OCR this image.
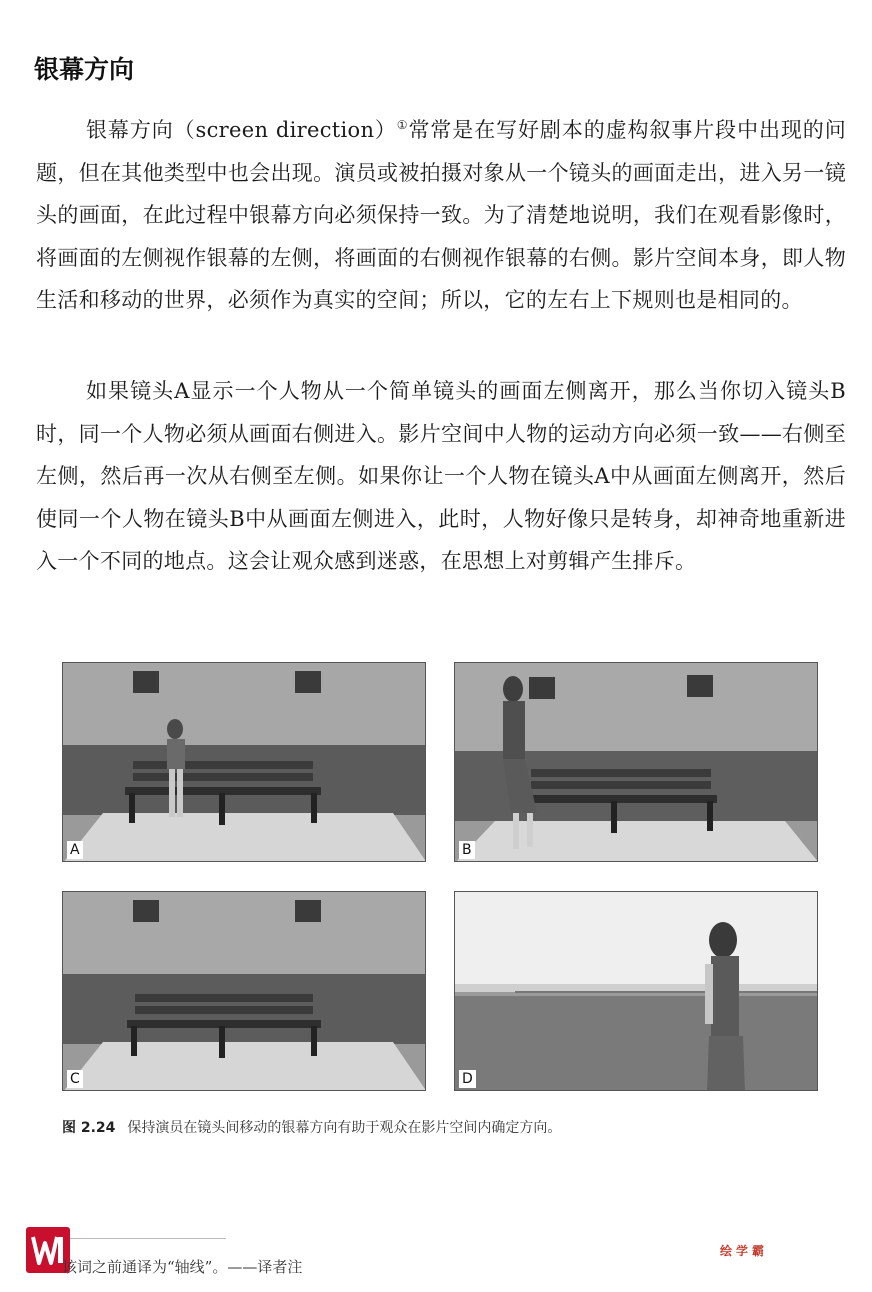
银幕方向

银幕方向（screen direction）①常常是在写好剧本的虚构叙事片段中出现的问题，但在其他类型中也会出现。演员或被拍摄对象从一个镜头的画面走出，进入另一镜头的画面，在此过程中银幕方向必须保持一致。为了清楚地说明，我们在观看影像时，将画面的左侧视作银幕的左侧，将画面的右侧视作银幕的右侧。影片空间本身，即人物生活和移动的世界，必须作为真实的空间；所以，它的左右上下规则也是相同的。

如果镜头A显示一个人物从一个简单镜头的画面左侧离开，那么当你切入镜头B时，同一个人物必须从画面右侧进入。影片空间中人物的运动方向必须一致——右侧至左侧，然后再一次从右侧至左侧。如果你让一个人物在镜头A中从画面左侧离开，然后使同一个人物在镜头B中从画面左侧进入，此时，人物好像只是转身，却神奇地重新进入一个不同的地点。这会让观众感到迷惑，在思想上对剪辑产生排斥。

A	B
C	D
图 2.24 保持演员在镜头间移动的银幕方向有助于观众在影片空间内确定方向。
该词之前通译为“轴线”。——译者注
绘学霸
